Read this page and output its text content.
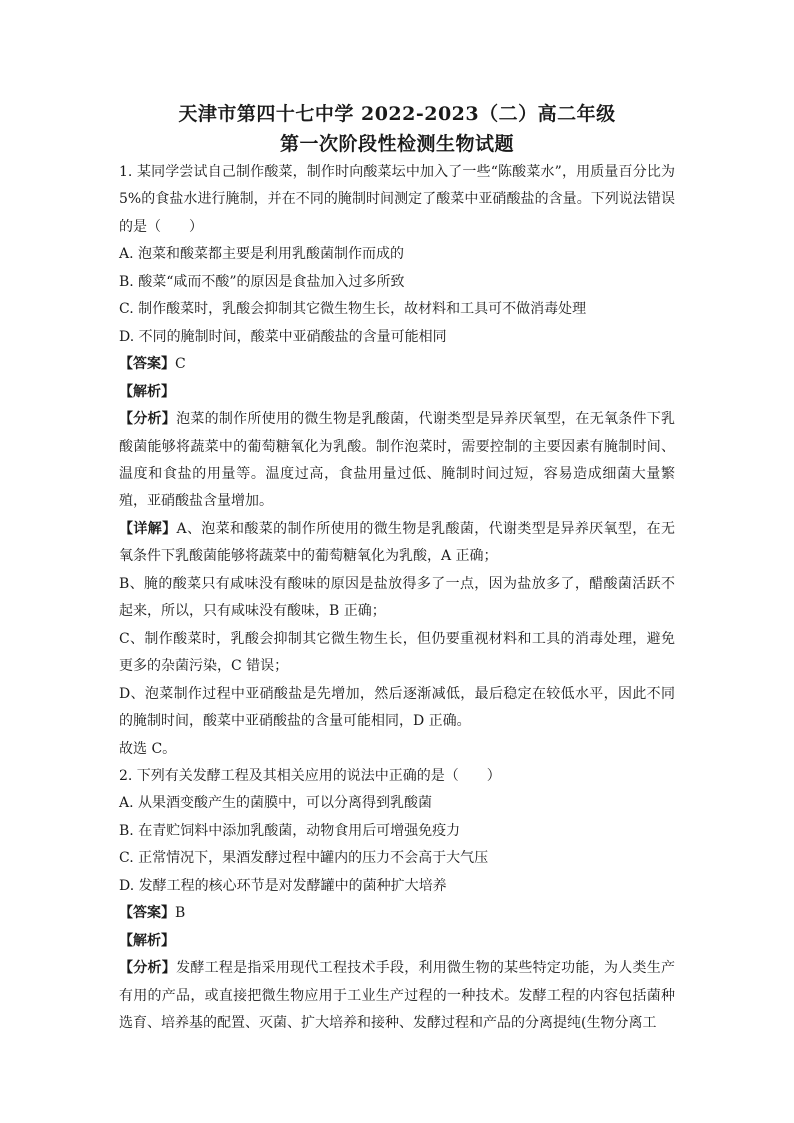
天津市第四十七中学 2022-2023（二）高二年级
第一次阶段性检测生物试题

1. 某同学尝试自己制作酸菜，制作时向酸菜坛中加入了一些“陈酸菜水”，用质量百分比为 5%的食盐水进行腌制，并在不同的腌制时间测定了酸菜中亚硝酸盐的含量。下列说法错误的是（　　）

A. 泡菜和酸菜都主要是利用乳酸菌制作而成的

B. 酸菜“咸而不酸”的原因是食盐加入过多所致

C. 制作酸菜时，乳酸会抑制其它微生物生长，故材料和工具可不做消毒处理

D. 不同的腌制时间，酸菜中亚硝酸盐的含量可能相同

【答案】C

【解析】

【分析】泡菜的制作所使用的微生物是乳酸菌，代谢类型是异养厌氧型，在无氧条件下乳酸菌能够将蔬菜中的葡萄糖氧化为乳酸。制作泡菜时，需要控制的主要因素有腌制时间、温度和食盐的用量等。温度过高，食盐用量过低、腌制时间过短，容易造成细菌大量繁殖，亚硝酸盐含量增加。

【详解】A、泡菜和酸菜的制作所使用的微生物是乳酸菌，代谢类型是异养厌氧型，在无氧条件下乳酸菌能够将蔬菜中的葡萄糖氧化为乳酸，A 正确；

B、腌的酸菜只有咸味没有酸味的原因是盐放得多了一点，因为盐放多了，醋酸菌活跃不起来，所以，只有咸味没有酸味，B 正确；

C、制作酸菜时，乳酸会抑制其它微生物生长，但仍要重视材料和工具的消毒处理，避免更多的杂菌污染，C 错误；

D、泡菜制作过程中亚硝酸盐是先增加，然后逐渐减低，最后稳定在较低水平，因此不同的腌制时间，酸菜中亚硝酸盐的含量可能相同，D 正确。

故选 C。

2. 下列有关发酵工程及其相关应用的说法中正确的是（　　）

A. 从果酒变酸产生的菌膜中，可以分离得到乳酸菌

B. 在青贮饲料中添加乳酸菌，动物食用后可增强免疫力

C. 正常情况下，果酒发酵过程中罐内的压力不会高于大气压

D. 发酵工程的核心环节是对发酵罐中的菌种扩大培养

【答案】B

【解析】

【分析】发酵工程是指采用现代工程技术手段，利用微生物的某些特定功能，为人类生产有用的产品，或直接把微生物应用于工业生产过程的一种技术。发酵工程的内容包括菌种选育、培养基的配置、灭菌、扩大培养和接种、发酵过程和产品的分离提纯(生物分离工
